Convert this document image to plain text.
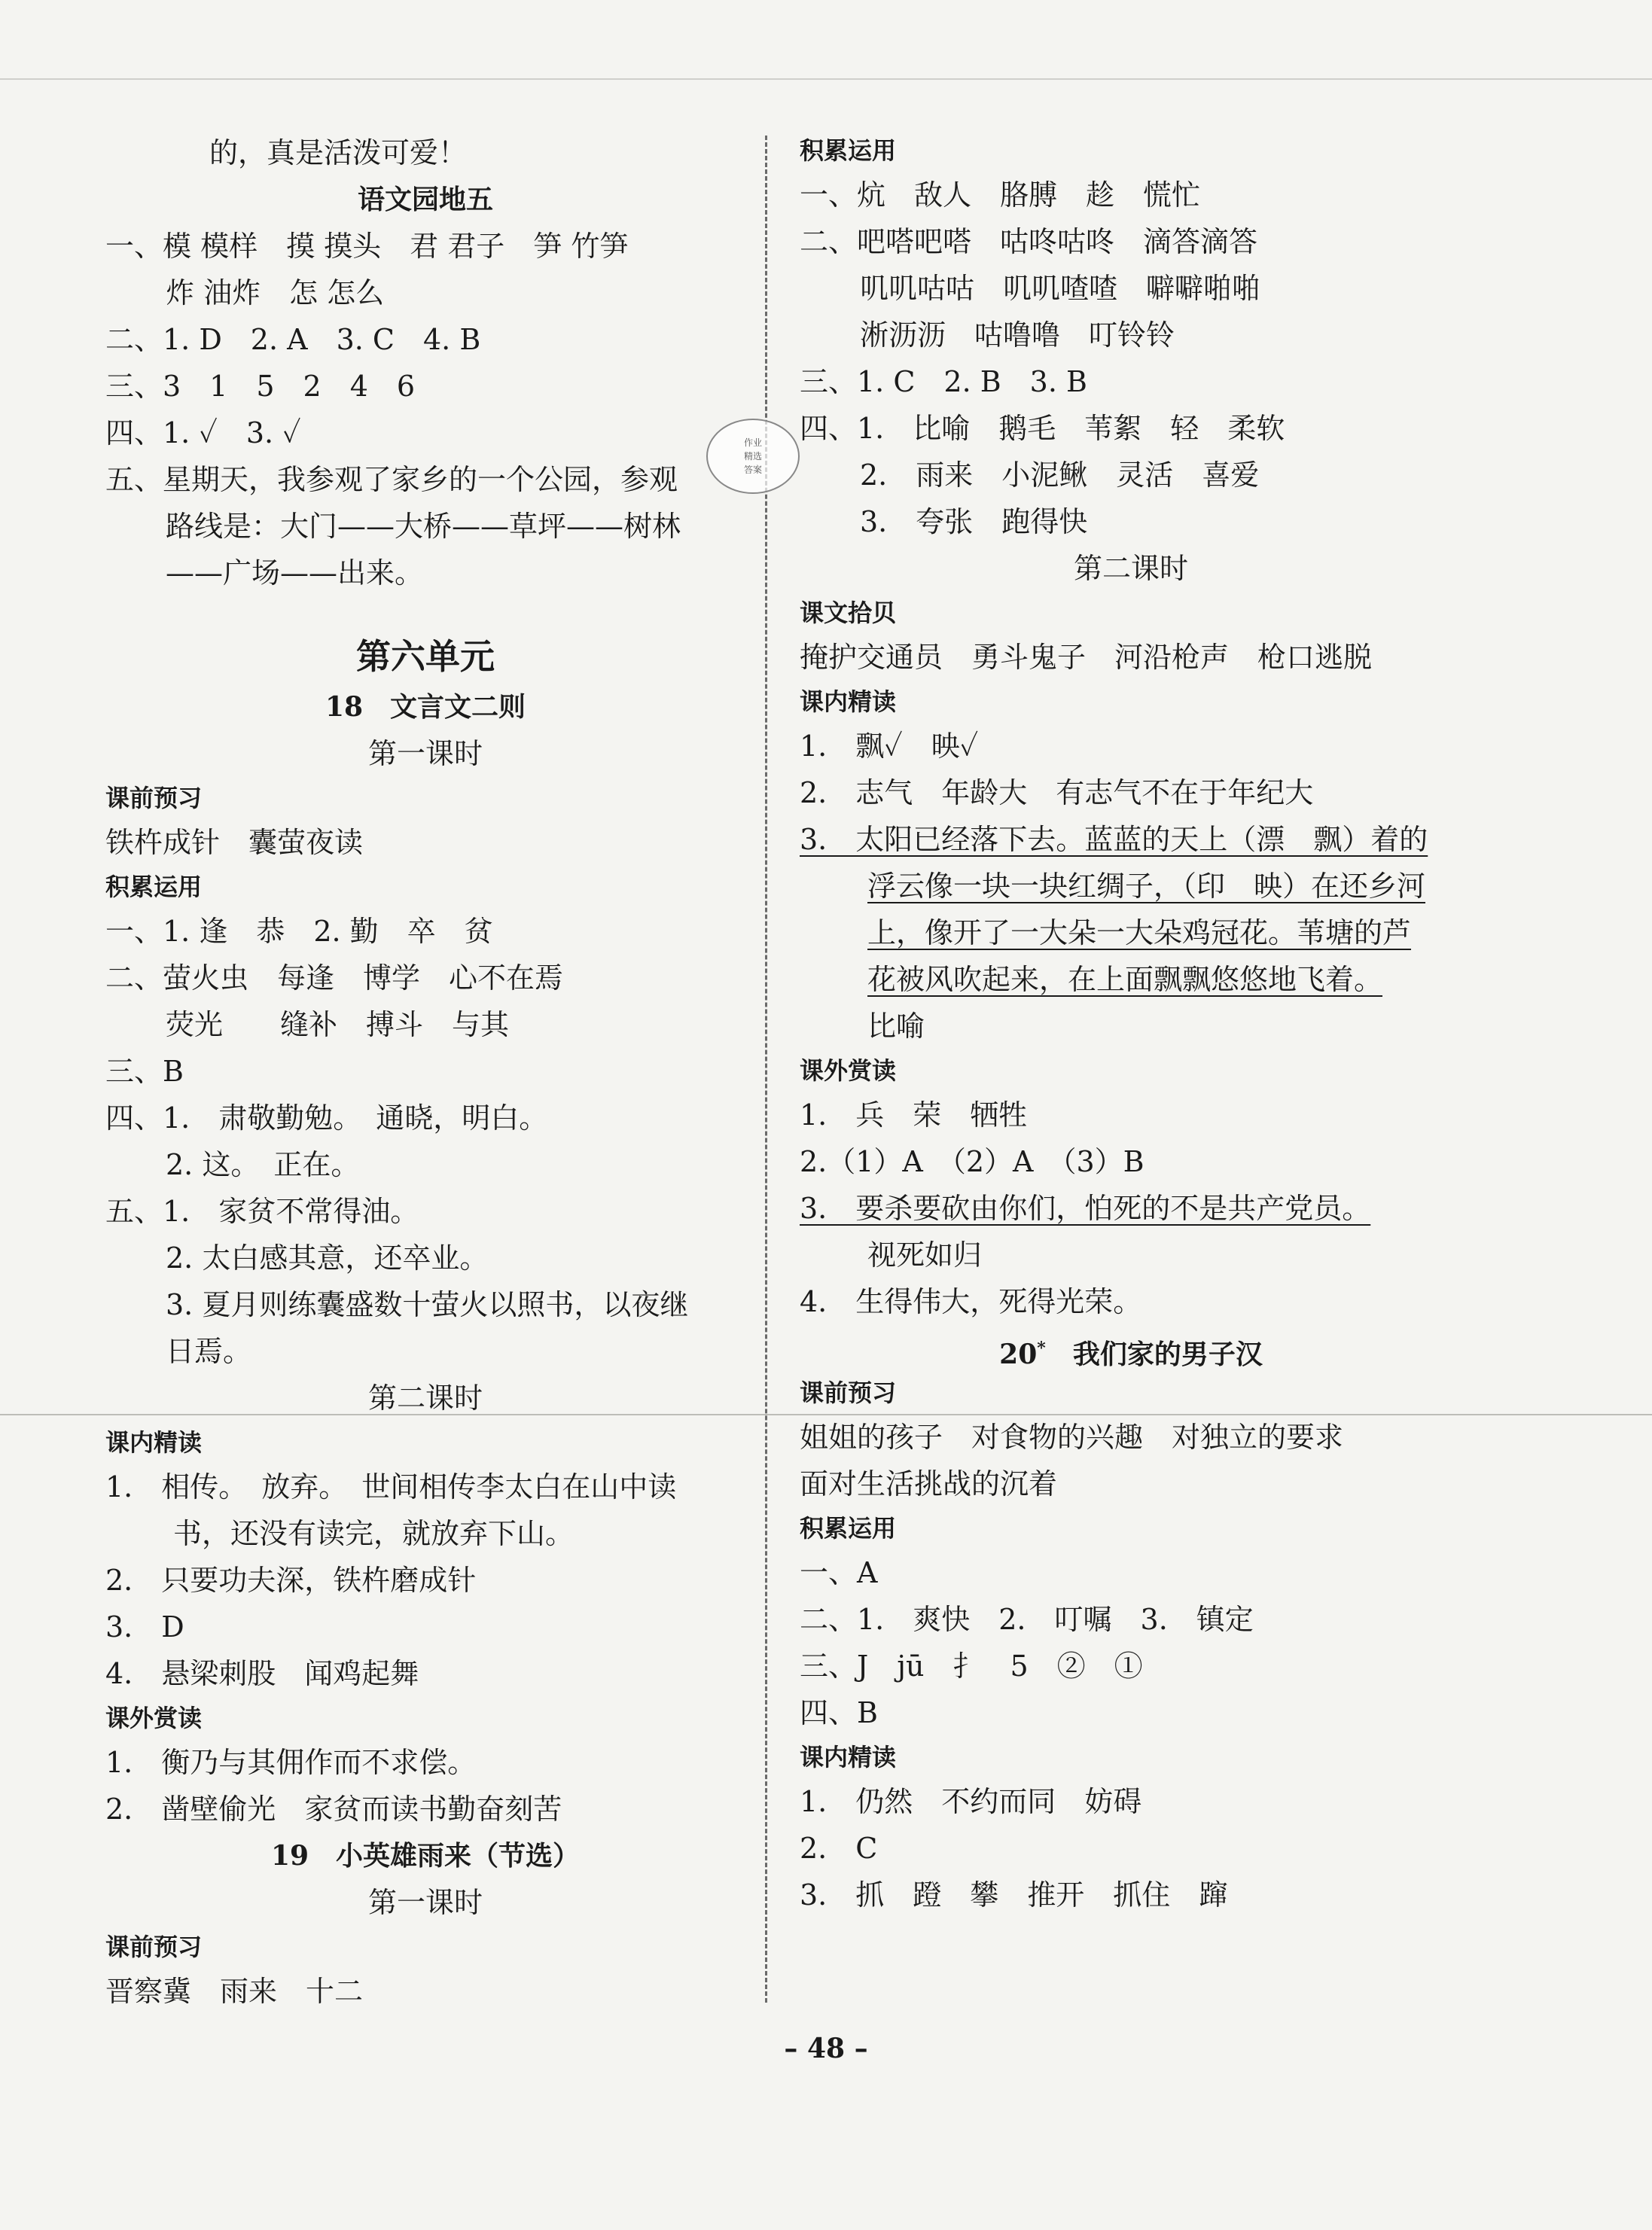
作业
精选
答案
的，真是活泼可爱！
语文园地五
一、模 模样　摸 摸头　君 君子　笋 竹笋
炸 油炸　怎 怎么
二、1. D　2. A　3. C　4. B
三、3　1　5　2　4　6
四、1. ✓　3. ✓
五、星期天，我参观了家乡的一个公园，参观
路线是：大门——大桥——草坪——树林
——广场——出来。
第六单元
18　文言文二则
第一课时
课前预习
铁杵成针　囊萤夜读
积累运用
一、1. 逢　恭　2. 勤　卒　贫
二、萤火虫　每逢　博学　心不在焉
荧光　　缝补　搏斗　与其
三、B
四、1.　肃敬勤勉。　通晓，明白。
2. 这。　正在。
五、1.　家贫不常得油。
2. 太白感其意，还卒业。
3. 夏月则练囊盛数十萤火以照书，以夜继
日焉。
第二课时
课内精读
1.　相传。　放弃。　世间相传李太白在山中读
书，还没有读完，就放弃下山。
2.　只要功夫深，铁杵磨成针
3.　D
4.　悬梁刺股　闻鸡起舞
课外赏读
1.　衡乃与其佣作而不求偿。
2.　凿壁偷光　家贫而读书勤奋刻苦
19　小英雄雨来（节选）
第一课时
课前预习
晋察冀　雨来　十二
积累运用
一、炕　敌人　胳膊　趁　慌忙
二、吧嗒吧嗒　咕咚咕咚　滴答滴答
叽叽咕咕　叽叽喳喳　噼噼啪啪
淅沥沥　咕噜噜　叮铃铃
三、1. C　2. B　3. B
四、1.　比喻　鹅毛　苇絮　轻　柔软
2.　雨来　小泥鳅　灵活　喜爱
3.　夸张　跑得快
第二课时
课文拾贝
掩护交通员　勇斗鬼子　河沿枪声　枪口逃脱
课内精读
1.　飘✓　映✓
2.　志气　年龄大　有志气不在于年纪大
3.　太阳已经落下去。蓝蓝的天上（漂　飘）着的
浮云像一块一块红绸子，（印　映）在还乡河
上，像开了一大朵一大朵鸡冠花。苇塘的芦
花被风吹起来，在上面飘飘悠悠地飞着。
比喻
课外赏读
1.　兵　荣　牺牲
2.（1）A　（2）A　（3）B
3.　要杀要砍由你们，怕死的不是共产党员。
视死如归
4.　生得伟大，死得光荣。
20*　 我们家的男子汉
课前预习
姐姐的孩子　对食物的兴趣　对独立的要求
面对生活挑战的沉着
积累运用
一、A
二、1.　爽快　2.　叮嘱　3.　镇定
三、J　jū　扌　5　②　①
四、B
课内精读
1.　仍然　不约而同　妨碍
2.　C
3.　抓　蹬　攀　推开　抓住　蹿
– 48 –
